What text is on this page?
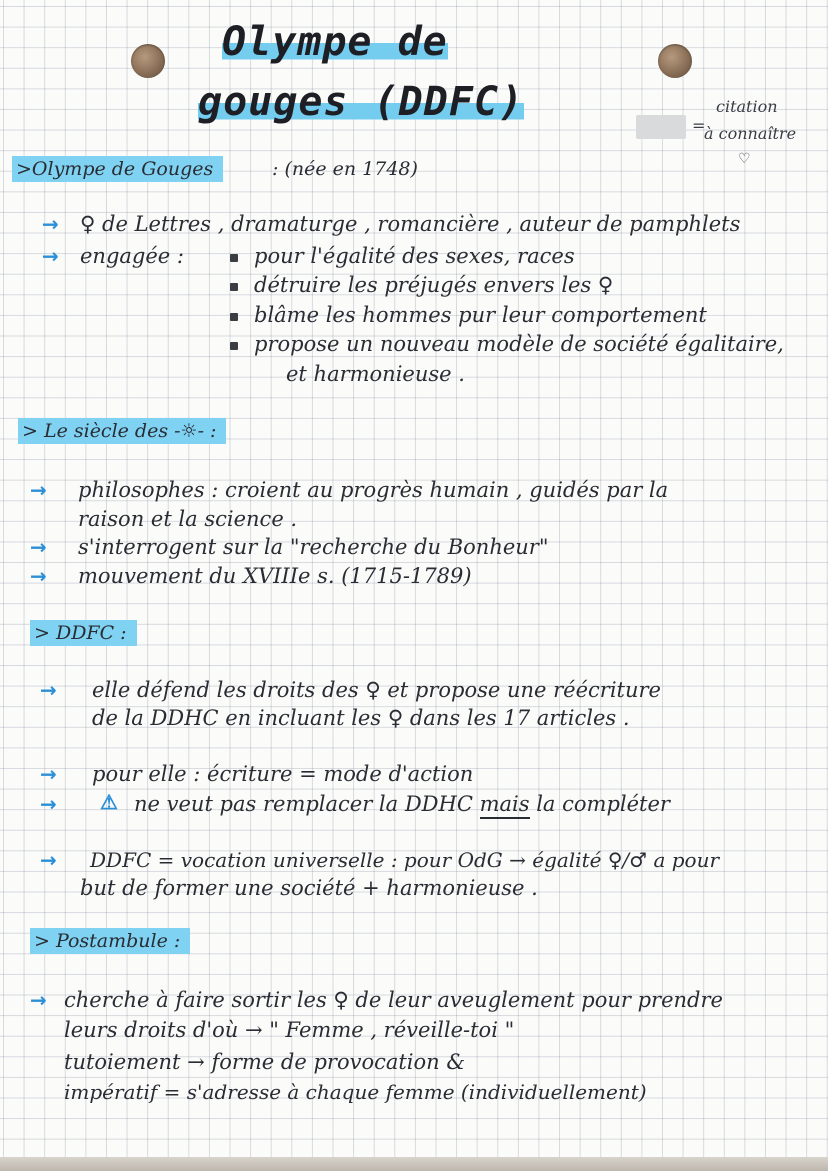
Olympe de

gouges (DDFC)

=

citation

à connaître

♡

>Olympe de Gouges	: (née en 1748)

→ ♀ de Lettres , dramaturge , romancière , auteur de pamphlets

→ engagée :	pour l'égalité des sexes, races

détruire les préjugés envers les ♀

blâme les hommes pur leur comportement

propose un nouveau modèle de société égalitaire,

et harmonieuse .

> Le siècle des -☼- :

→ philosophes : croient au progrès humain , guidés par la

raison et la science .

→ s'interrogent sur la "recherche du Bonheur"

→ mouvement du XVIIIe s. (1715-1789)

> DDFC :

→ elle défend les droits des ♀ et propose une réécriture

de la DDHC en incluant les ♀ dans les 17 articles .

→ pour elle : écriture = mode d'action

→ ⚠ ne veut pas remplacer la DDHC mais la compléter

→ DDFC = vocation universelle : pour OdG → égalité ♀/♂ a pour

but de former une société + harmonieuse .

> Postambule :

→ cherche à faire sortir les ♀ de leur aveuglement pour prendre

leurs droits d'où → " Femme , réveille-toi "

tutoiement → forme de provocation &

impératif = s'adresse à chaque femme (individuellement)
